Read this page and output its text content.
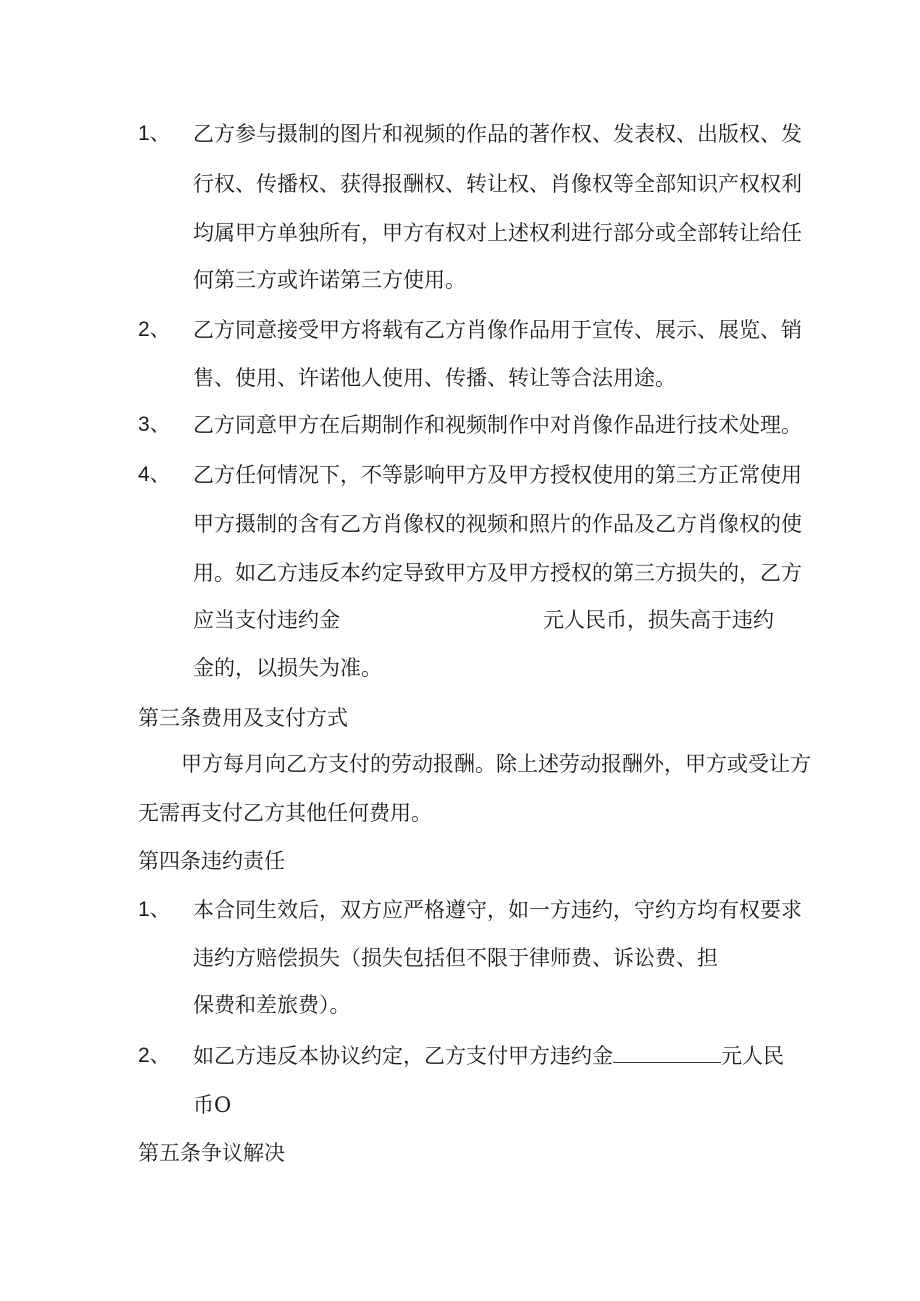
1、 乙方参与摄制的图片和视频的作品的著作权、发表权、出版权、发
行权、传播权、获得报酬权、转让权、肖像权等全部知识产权权利
均属甲方单独所有，甲方有权对上述权利进行部分或全部转让给任
何第三方或许诺第三方使用。
2、 乙方同意接受甲方将载有乙方肖像作品用于宣传、展示、展览、销
售、使用、许诺他人使用、传播、转让等合法用途。
3、 乙方同意甲方在后期制作和视频制作中对肖像作品进行技术处理。
4、 乙方任何情况下，不等影响甲方及甲方授权使用的第三方正常使用
甲方摄制的含有乙方肖像权的视频和照片的作品及乙方肖像权的使
用。如乙方违反本约定导致甲方及甲方授权的第三方损失的，乙方
应当支付违约金	元人民币，损失高于违约
金的，以损失为准。
第三条费用及支付方式
甲方每月向乙方支付的劳动报酬。除上述劳动报酬外，甲方或受让方
无需再支付乙方其他任何费用。
第四条违约责任
1、 本合同生效后，双方应严格遵守，如一方违约，守约方均有权要求
违约方赔偿损失（损失包括但不限于律师费、诉讼费、担
保费和差旅费）。
2、 如乙方违反本协议约定，乙方支付甲方违约金	元人民
币O
第五条争议解决
